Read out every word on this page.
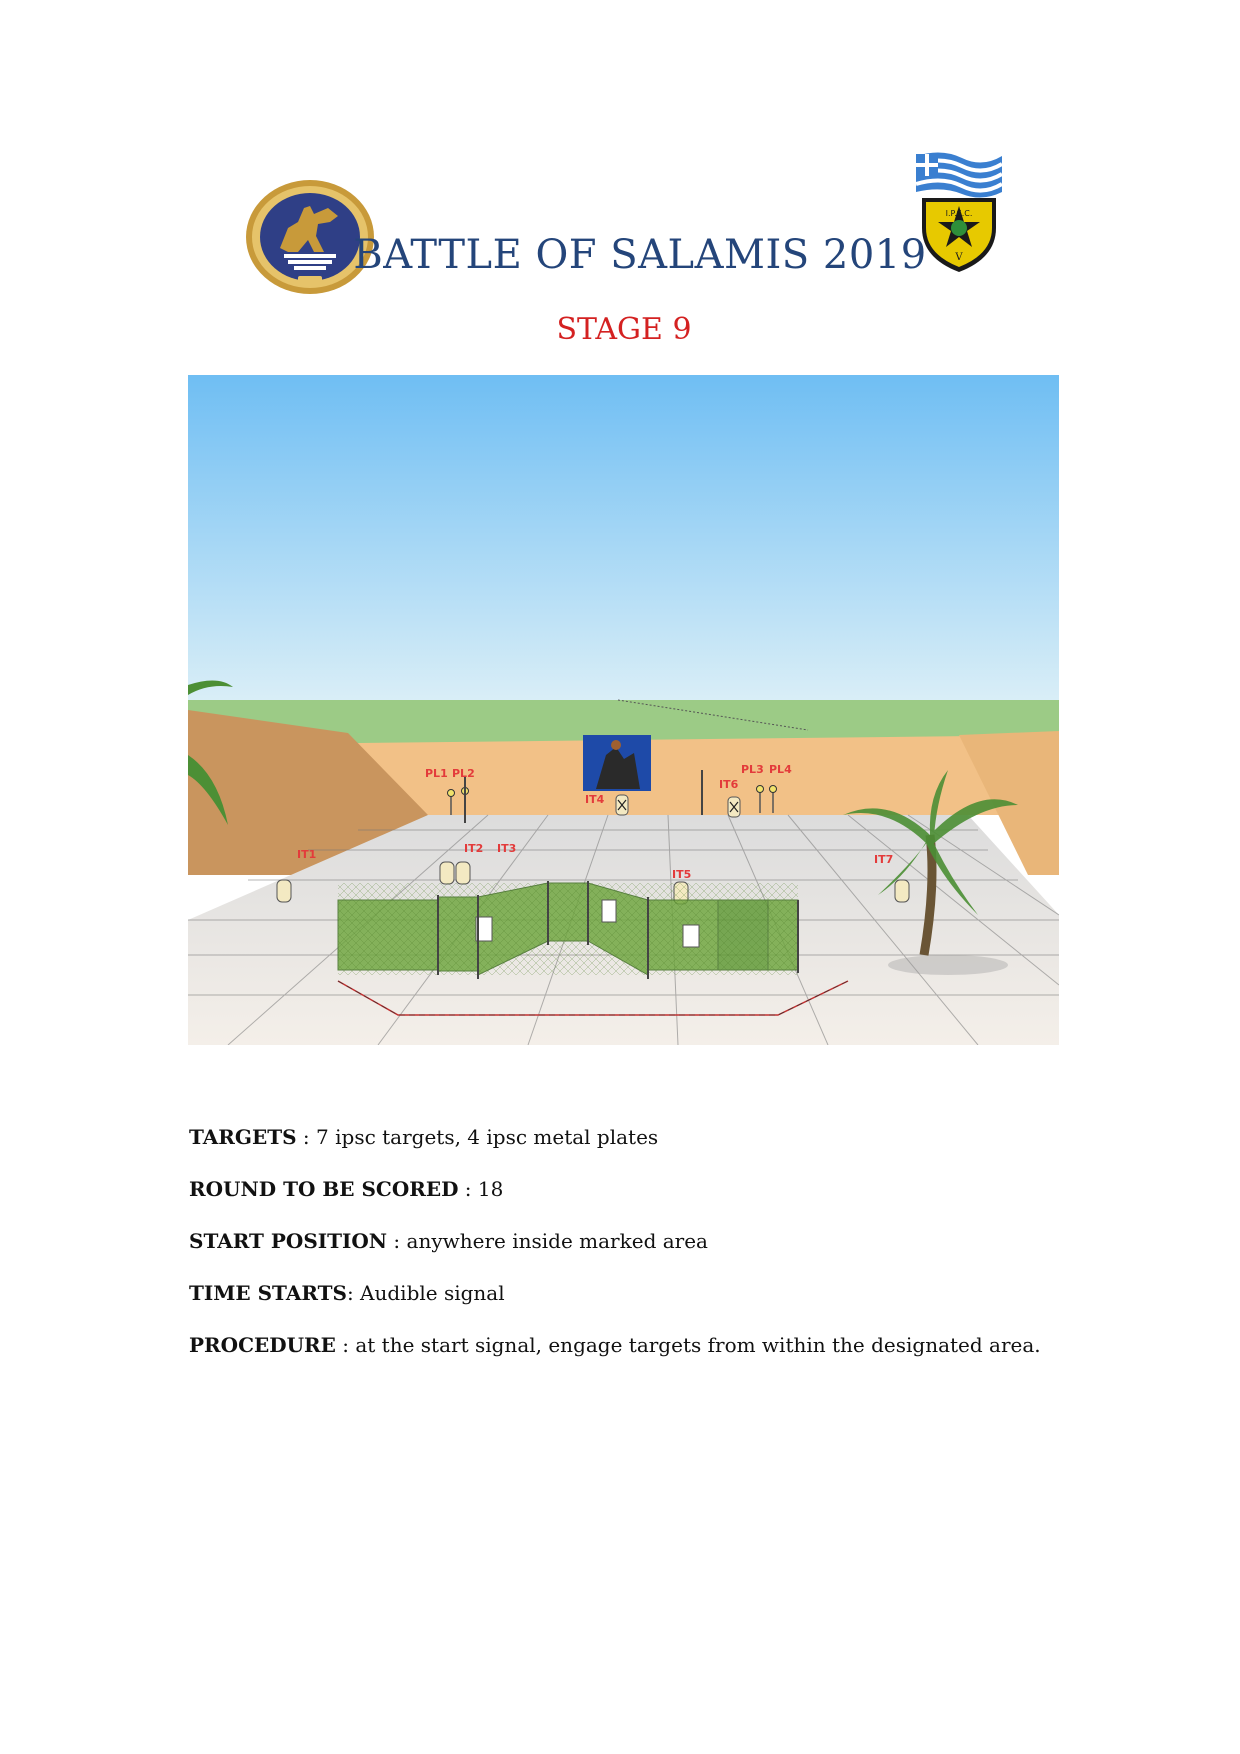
I.P.S.C.
V
BATTLE OF SALAMIS 2019
STAGE 9
PL1 PL2	PL3 PL4
IT1	IT2 IT3
IT4
IT5
IT6
IT7
TARGETS : 7 ipsc targets, 4 ipsc metal plates
ROUND TO BE SCORED : 18
START POSITION : anywhere inside marked area
TIME STARTS: Audible signal
PROCEDURE : at the start signal, engage targets from within the designated area.
